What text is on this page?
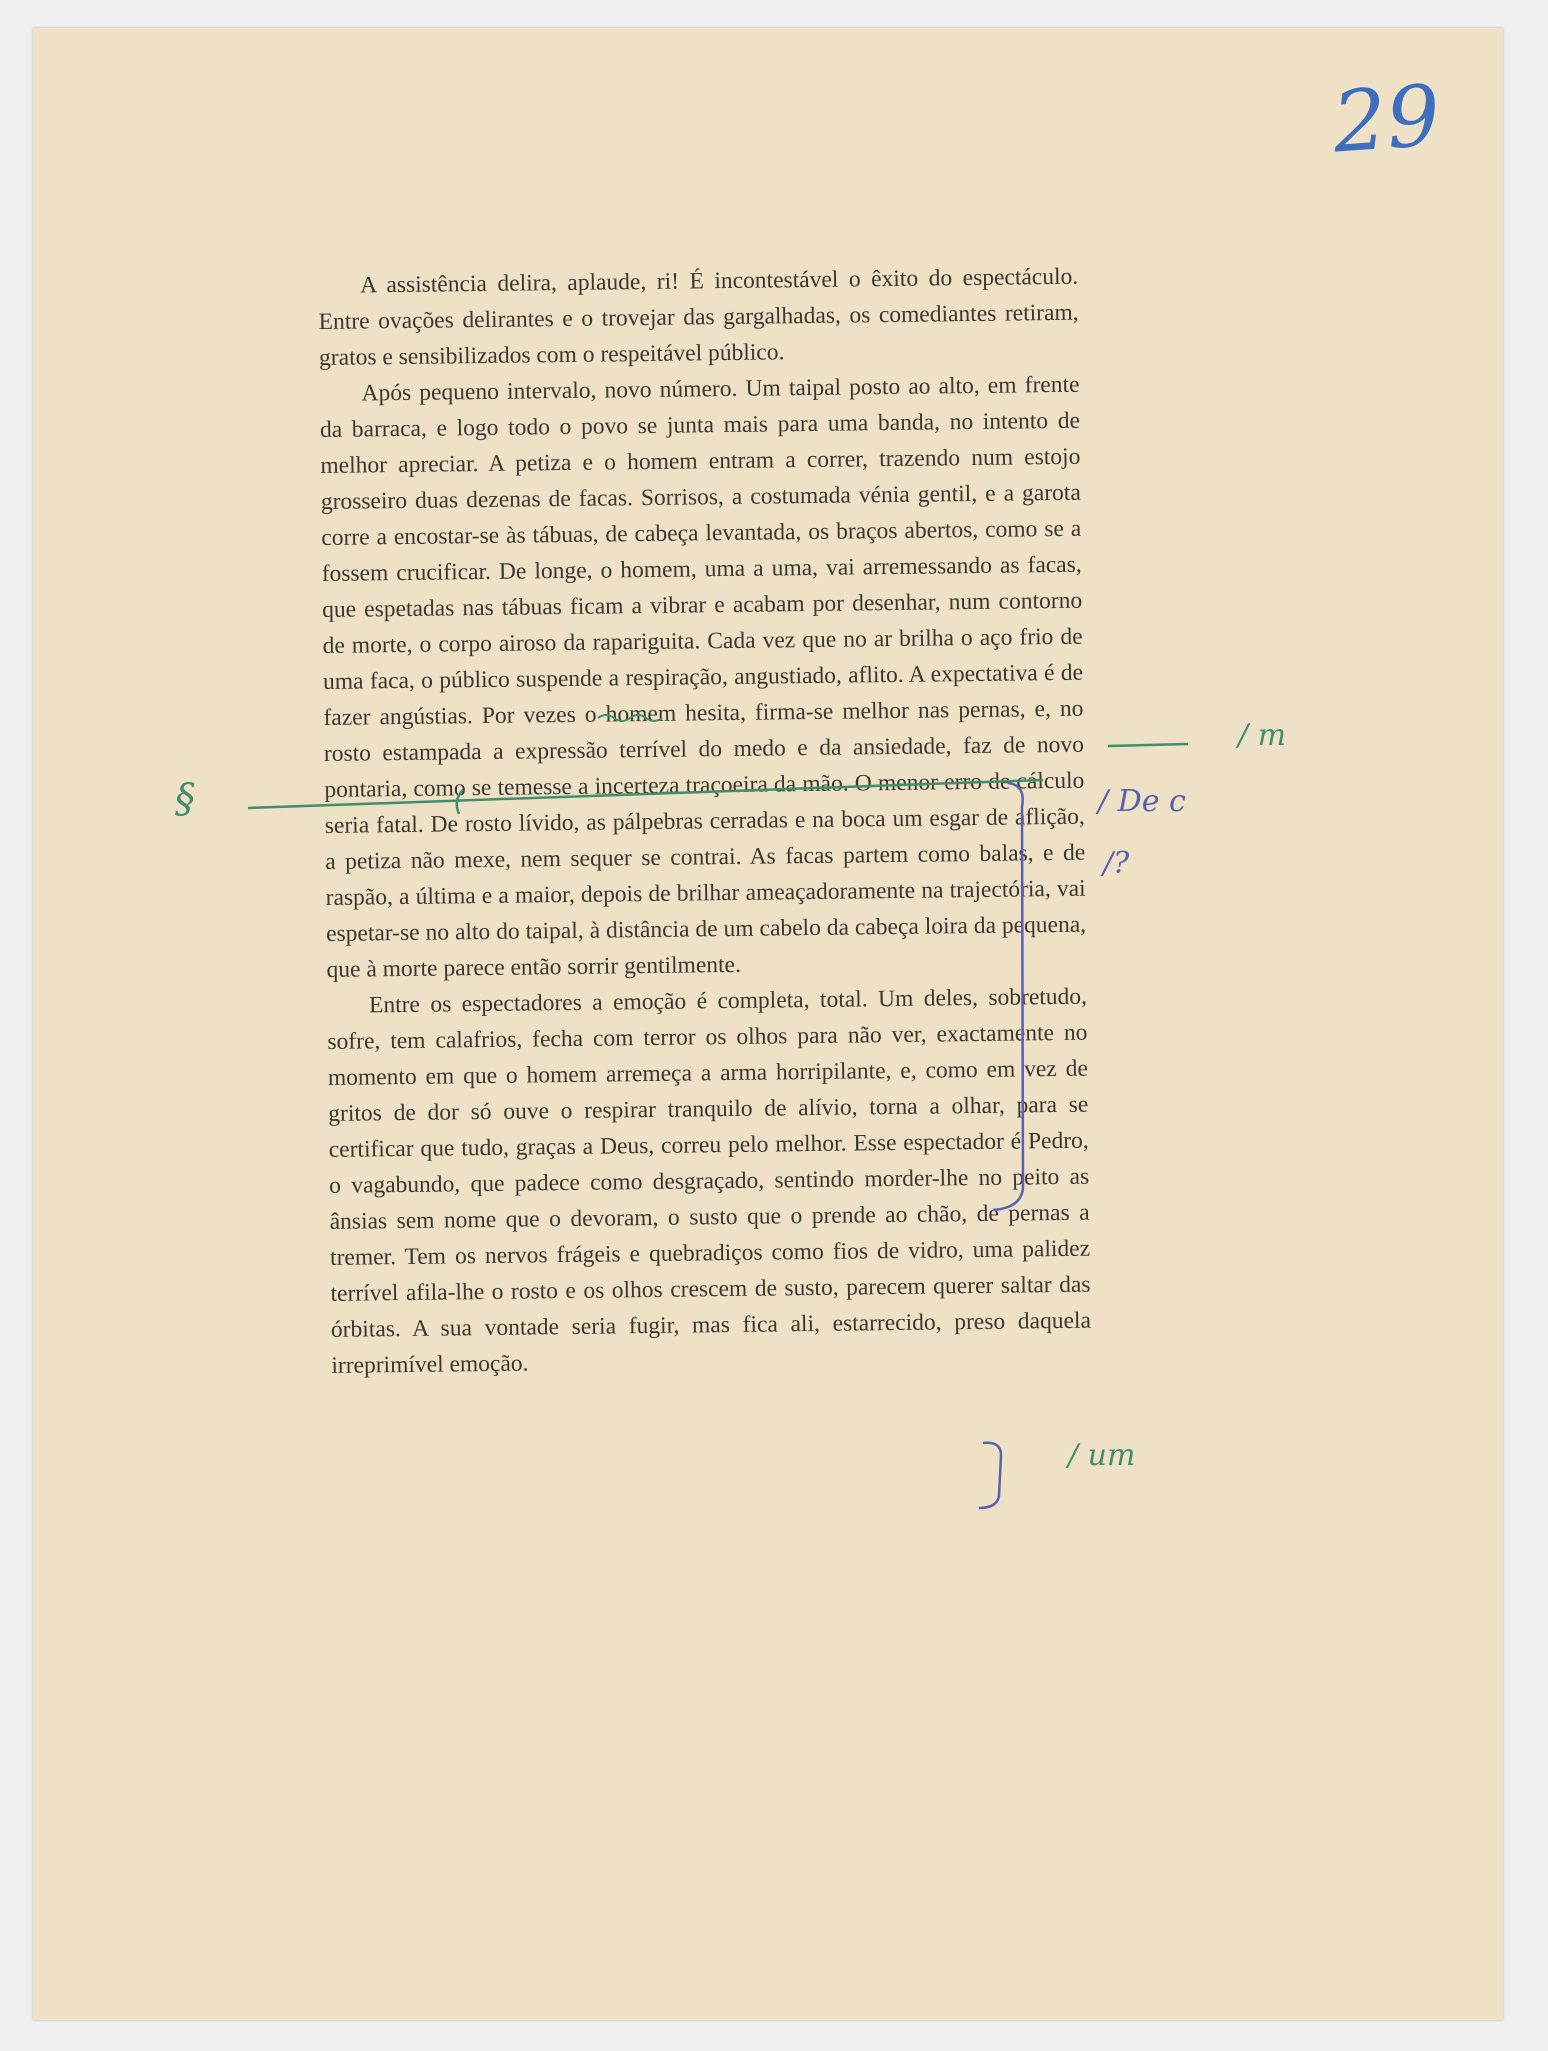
29

A assistência delira, aplaude, ri! É incontestável o êxito do espectáculo. Entre ovações delirantes e o trovejar das gargalhadas, os comediantes retiram, gratos e sensibilizados com o respeitável público.

Após pequeno intervalo, novo número. Um taipal posto ao alto, em frente da barraca, e logo todo o povo se junta mais para uma banda, no intento de melhor apreciar. A petiza e o homem entram a correr, trazendo num estojo grosseiro duas dezenas de facas. Sorrisos, a costumada vénia gentil, e a garota corre a encostar-se às tábuas, de cabeça levantada, os braços abertos, como se a fossem crucificar. De longe, o homem, uma a uma, vai arremessando as facas, que espetadas nas tábuas ficam a vibrar e acabam por desenhar, num contorno de morte, o corpo airoso da rapariguita. Cada vez que no ar brilha o aço frio de uma faca, o público suspende a respiração, angustiado, aflito. A expectativa é de fazer angústias. Por vezes o homem hesita, firma-se melhor nas pernas, e, no rosto estampada a expressão terrível do medo e da ansiedade, faz de novo pontaria, como se temesse a incerteza traçoeira da mão. O menor erro de cálculo seria fatal. De rosto lívido, as pálpebras cerradas e na boca um esgar de aflição, a petiza não mexe, nem sequer se contrai. As facas partem como balas, e de raspão, a última e a maior, depois de brilhar ameaçadoramente na trajectória, vai espetar-se no alto do taipal, à distância de um cabelo da cabeça loira da pequena, que à morte parece então sorrir gentilmente.

Entre os espectadores a emoção é completa, total. Um deles, sobretudo, sofre, tem calafrios, fecha com terror os olhos para não ver, exactamente no momento em que o homem arremeça a arma horripilante, e, como em vez de gritos de dor só ouve o respirar tranquilo de alívio, torna a olhar, para se certificar que tudo, graças a Deus, correu pelo melhor. Esse espectador é Pedro, o vagabundo, que padece como desgraçado, sentindo morder-lhe no peito as ânsias sem nome que o devoram, o susto que o prende ao chão, de pernas a tremer. Tem os nervos frágeis e quebradiços como fios de vidro, uma palidez terrível afila-lhe o rosto e os olhos crescem de susto, parecem querer saltar das órbitas. A sua vontade seria fugir, mas fica ali, estarrecido, preso daquela irreprimível emoção.

/ m
/ De c
/?
/ um
§
